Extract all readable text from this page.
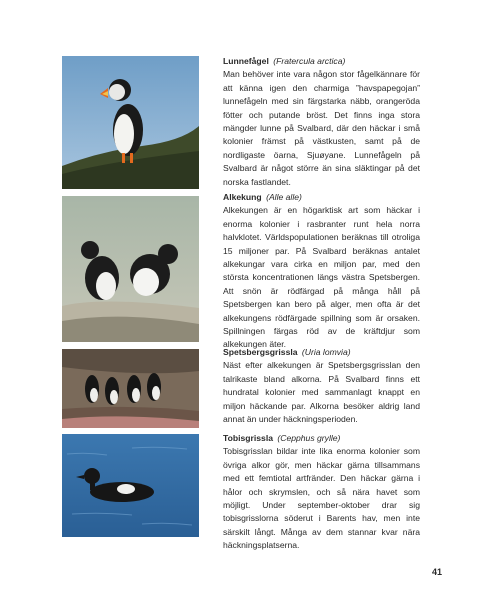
Lunnefågel (Fratercula arctica)

Man behöver inte vara någon stor fågelkännare för att känna igen den charmiga ”havspapegojan” lunnefågeln med sin färgstarka näbb, orangeröda fötter och putande bröst. Det finns inga stora mängder lunne på Svalbard, där den häckar i små kolonier främst på västkusten, samt på de nordligaste öarna, Sjuøyane. Lunnefågeln på Svalbard är något större än sina släktingar på det norska fastlandet.

Alkekung (Alle alle)

Alkekungen är en högarktisk art som häckar i enorma kolonier i rasbranter runt hela norra halvklotet. Världspopulationen beräknas till otroliga 15 miljoner par. På Svalbard beräknas antalet alkekungar vara cirka en miljon par, med den största koncentrationen längs västra Spetsbergen. Att snön är rödfärgad på många håll på Spetsbergen kan bero på alger, men ofta är det alkekungens rödfärgade spillning som är orsaken. Spillningen färgas röd av de kräftdjur som alkekungen äter.

Spetsbergsgrissla (Uria lomvia)

Näst efter alkekungen är Spetsbergsgrisslan den talrikaste bland alkorna. På Svalbard finns ett hundratal kolonier med sammanlagt knappt en miljon häckande par. Alkorna besöker aldrig land annat än under häckningsperioden.

Tobisgrissla (Cepphus grylle)

Tobisgrisslan bildar inte lika enorma kolonier som övriga alkor gör, men häckar gärna tillsammans med ett femtiotal artfränder. Den häckar gärna i hålor och skrymslen, och så nära havet som möjligt. Under september-oktober drar sig tobisgrisslorna söderut i Barents hav, men inte särskilt långt. Många av dem stannar kvar nära häckningsplatserna.

41
